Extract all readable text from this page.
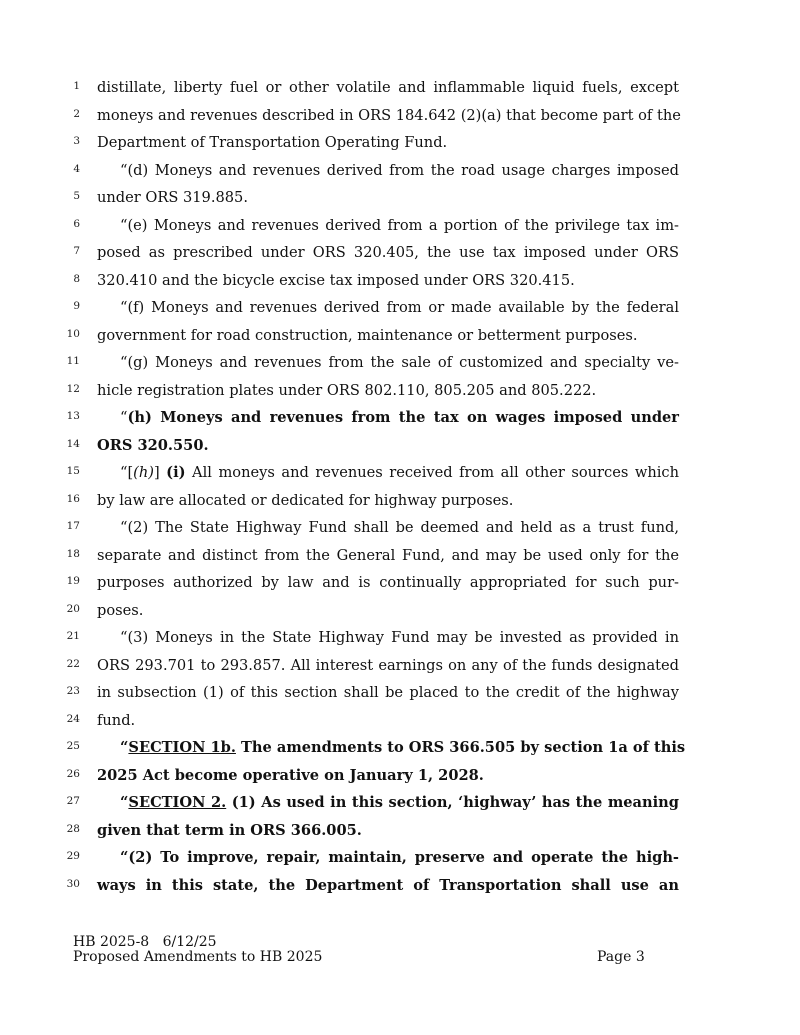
1 distillate, liberty fuel or other volatile and inflammable liquid fuels, except
2 moneys and revenues described in ORS 184.642 (2)(a) that become part of the
3 Department of Transportation Operating Fund.
4	“(d) Moneys and revenues derived from the road usage charges imposed
5 under ORS 319.885.
6	“(e) Moneys and revenues derived from a portion of the privilege tax im-
7 posed as prescribed under ORS 320.405, the use tax imposed under ORS
8 320.410 and the bicycle excise tax imposed under ORS 320.415.
9	“(f) Moneys and revenues derived from or made available by the federal
10 government for road construction, maintenance or betterment purposes.
11	“(g) Moneys and revenues from the sale of customized and specialty ve-
12 hicle registration plates under ORS 802.110, 805.205 and 805.222.
13	“(h) Moneys and revenues from the tax on wages imposed under
14 ORS 320.550.
15	“[(h)] (i) All moneys and revenues received from all other sources which
16 by law are allocated or dedicated for highway purposes.
17	“(2) The State Highway Fund shall be deemed and held as a trust fund,
18 separate and distinct from the General Fund, and may be used only for the
19 purposes authorized by law and is continually appropriated for such pur-
20 poses.
21	“(3) Moneys in the State Highway Fund may be invested as provided in
22 ORS 293.701 to 293.857. All interest earnings on any of the funds designated
23 in subsection (1) of this section shall be placed to the credit of the highway
24 fund.
25	“SECTION 1b. The amendments to ORS 366.505 by section 1a of this
26 2025 Act become operative on January 1, 2028.
27	“SECTION 2. (1) As used in this section, ‘highway’ has the meaning
28 given that term in ORS 366.005.
29	“(2) To improve, repair, maintain, preserve and operate the high-
30 ways in this state, the Department of Transportation shall use an
HB 2025-8 6/12/25
Proposed Amendments to HB 2025	Page 3
